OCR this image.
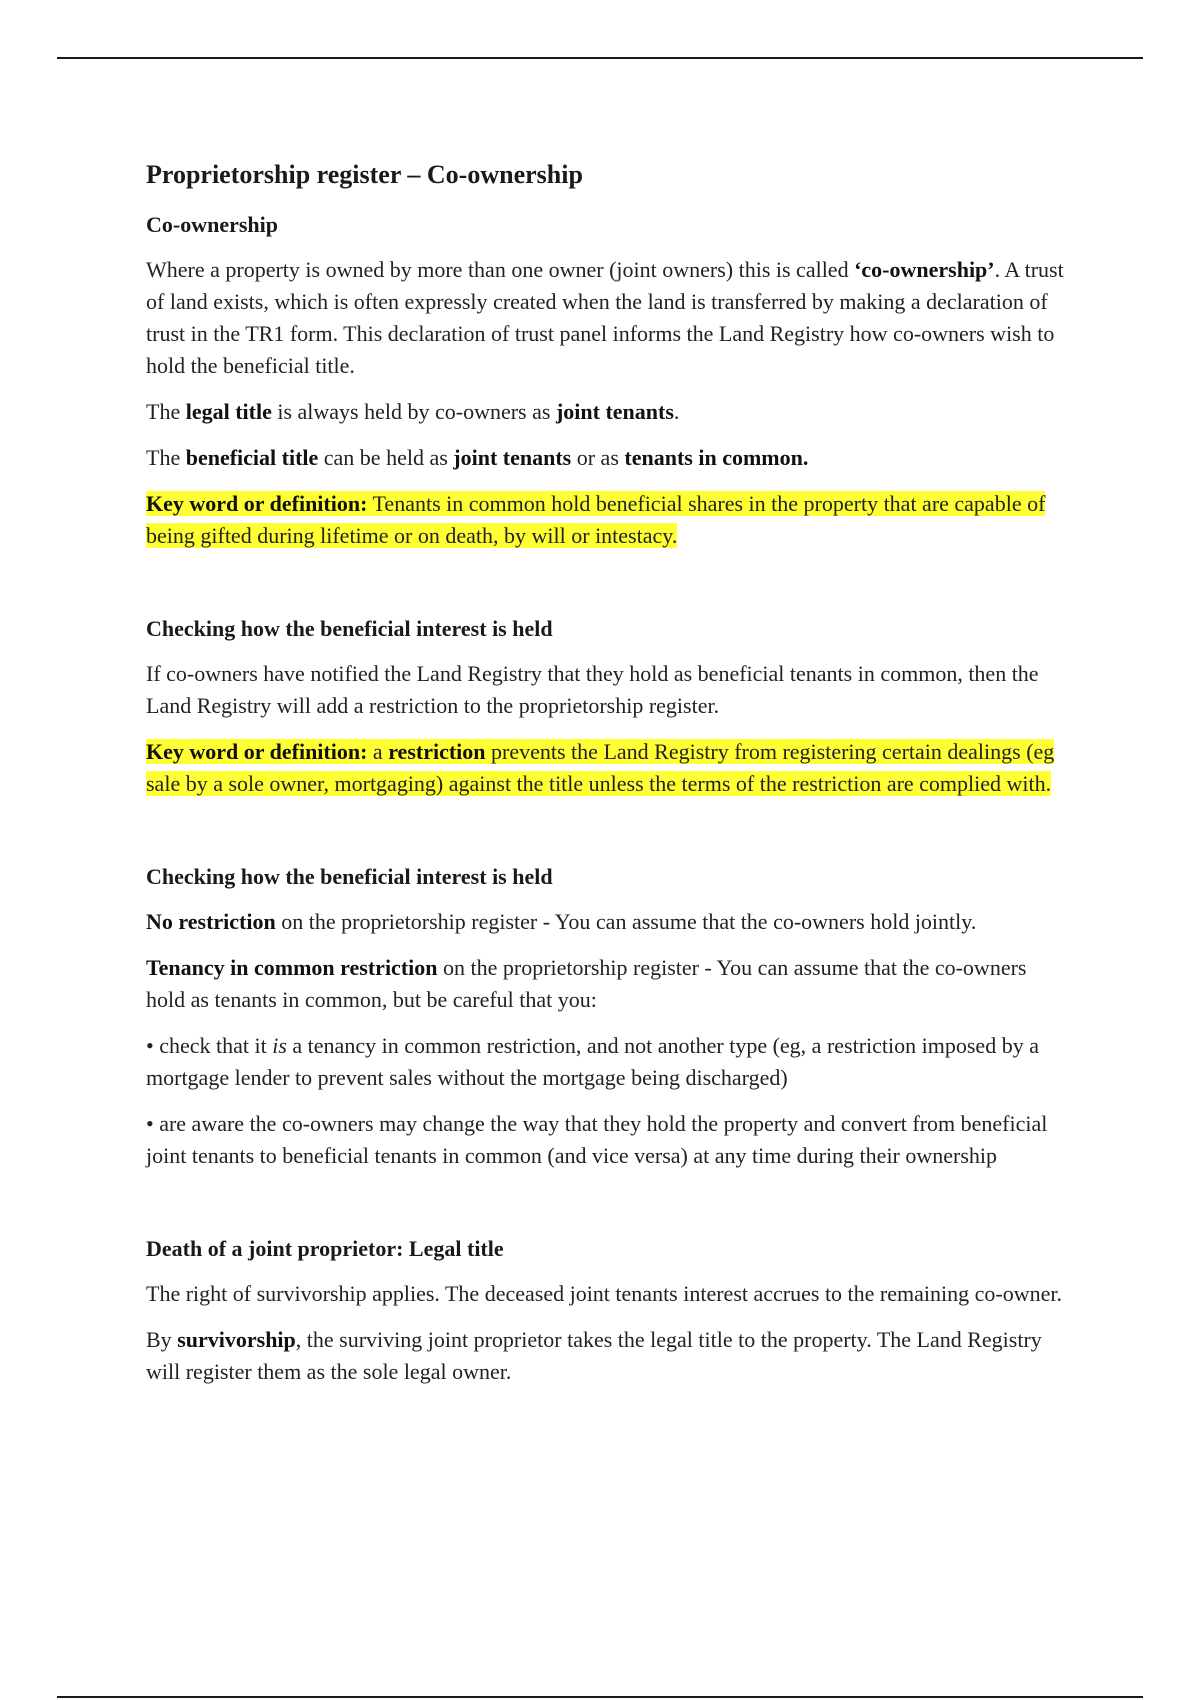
Proprietorship register – Co-ownership
Co-ownership

Where a property is owned by more than one owner (joint owners) this is called ‘co-ownership’. A trust of land exists, which is often expressly created when the land is transferred by making a declaration of trust in the TR1 form. This declaration of trust panel informs the Land Registry how co-owners wish to hold the beneficial title.

The legal title is always held by co-owners as joint tenants.

The beneficial title can be held as joint tenants or as tenants in common.

Key word or definition: Tenants in common hold beneficial shares in the property that are capable of being gifted during lifetime or on death, by will or intestacy.

Checking how the beneficial interest is held

If co-owners have notified the Land Registry that they hold as beneficial tenants in common, then the Land Registry will add a restriction to the proprietorship register.

Key word or definition: a restriction prevents the Land Registry from registering certain dealings (eg sale by a sole owner, mortgaging) against the title unless the terms of the restriction are complied with.

Checking how the beneficial interest is held

No restriction on the proprietorship register - You can assume that the co-owners hold jointly.

Tenancy in common restriction on the proprietorship register - You can assume that the co-owners hold as tenants in common, but be careful that you:

• check that it is a tenancy in common restriction, and not another type (eg, a restriction imposed by a mortgage lender to prevent sales without the mortgage being discharged)

• are aware the co-owners may change the way that they hold the property and convert from beneficial joint tenants to beneficial tenants in common (and vice versa) at any time during their ownership

Death of a joint proprietor: Legal title

The right of survivorship applies. The deceased joint tenants interest accrues to the remaining co-owner.

By survivorship, the surviving joint proprietor takes the legal title to the property. The Land Registry will register them as the sole legal owner.
